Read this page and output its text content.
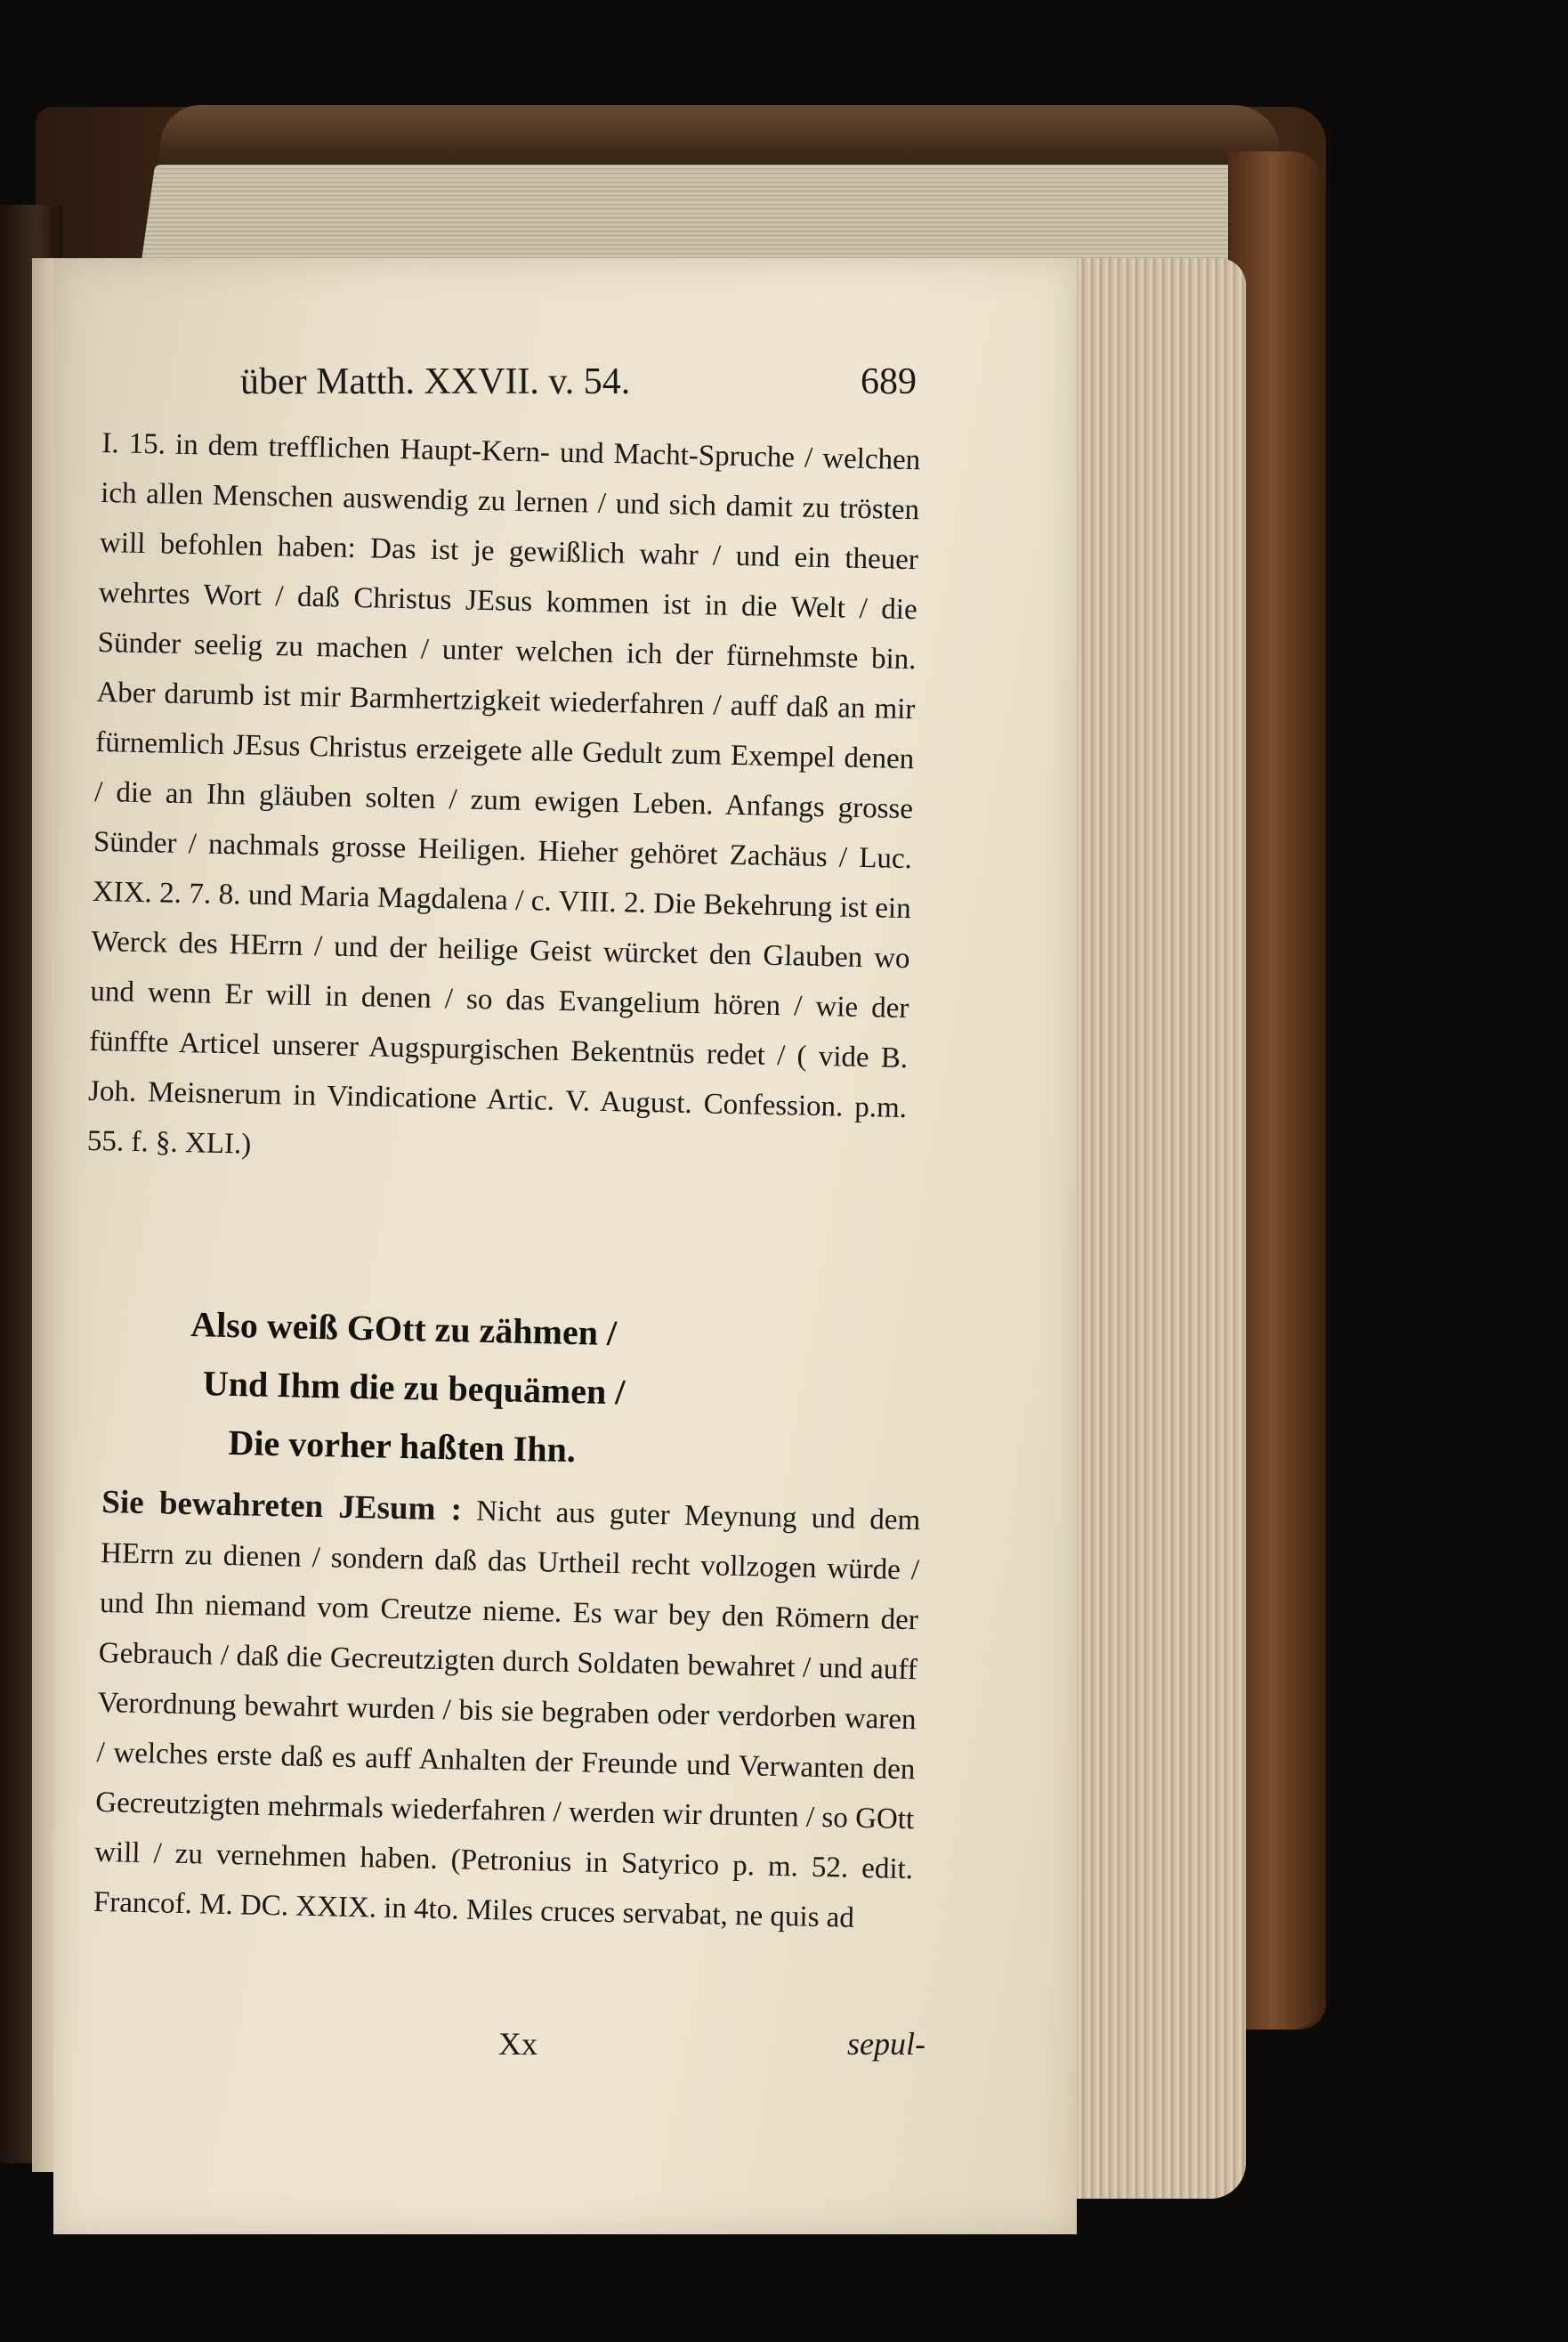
über Matth. XXVII. v. 54.	689
I. 15. in dem trefflichen Haupt-Kern- und Macht-Spruche / welchen ich allen Menschen auswendig zu lernen / und sich damit zu trösten will befohlen haben: Das ist je gewißlich wahr / und ein theuer wehrtes Wort / daß Christus JEsus kommen ist in die Welt / die Sünder seelig zu machen / unter welchen ich der fürnehmste bin. Aber darumb ist mir Barmhertzigkeit wiederfahren / auff daß an mir fürnemlich JEsus Christus erzeigete alle Gedult zum Exempel denen / die an Ihn gläuben solten / zum ewigen Leben. Anfangs grosse Sünder / nachmals grosse Heiligen. Hieher gehöret Zachäus / Luc. XIX. 2. 7. 8. und Maria Magdalena / c. VIII. 2. Die Bekehrung ist ein Werck des HErrn / und der heilige Geist würcket den Glauben wo und wenn Er will in denen / so das Evangelium hören / wie der fünffte Articel unserer Augspurgischen Bekentnüs redet / ( vide B. Joh. Meisnerum in Vindicatione Artic. V. August. Confession. p.m. 55. f. §. XLI.)
Also weiß GOtt zu zähmen /
Und Ihm die zu bequämen /
Die vorher haßten Ihn.
Sie bewahreten JEsum : Nicht aus guter Meynung und dem HErrn zu dienen / sondern daß das Urtheil recht vollzogen würde / und Ihn niemand vom Creutze nieme. Es war bey den Römern der Gebrauch / daß die Gecreutzigten durch Soldaten bewahret / und auff Verordnung bewahrt wurden / bis sie begraben oder verdorben waren / welches erste daß es auff Anhalten der Freunde und Verwanten den Gecreutzigten mehrmals wiederfahren / werden wir drunten / so GOtt will / zu vernehmen haben. (Petronius in Satyrico p. m. 52. edit. Francof. M. DC. XXIX. in 4to. Miles cruces servabat, ne quis ad
Xx	sepul-
